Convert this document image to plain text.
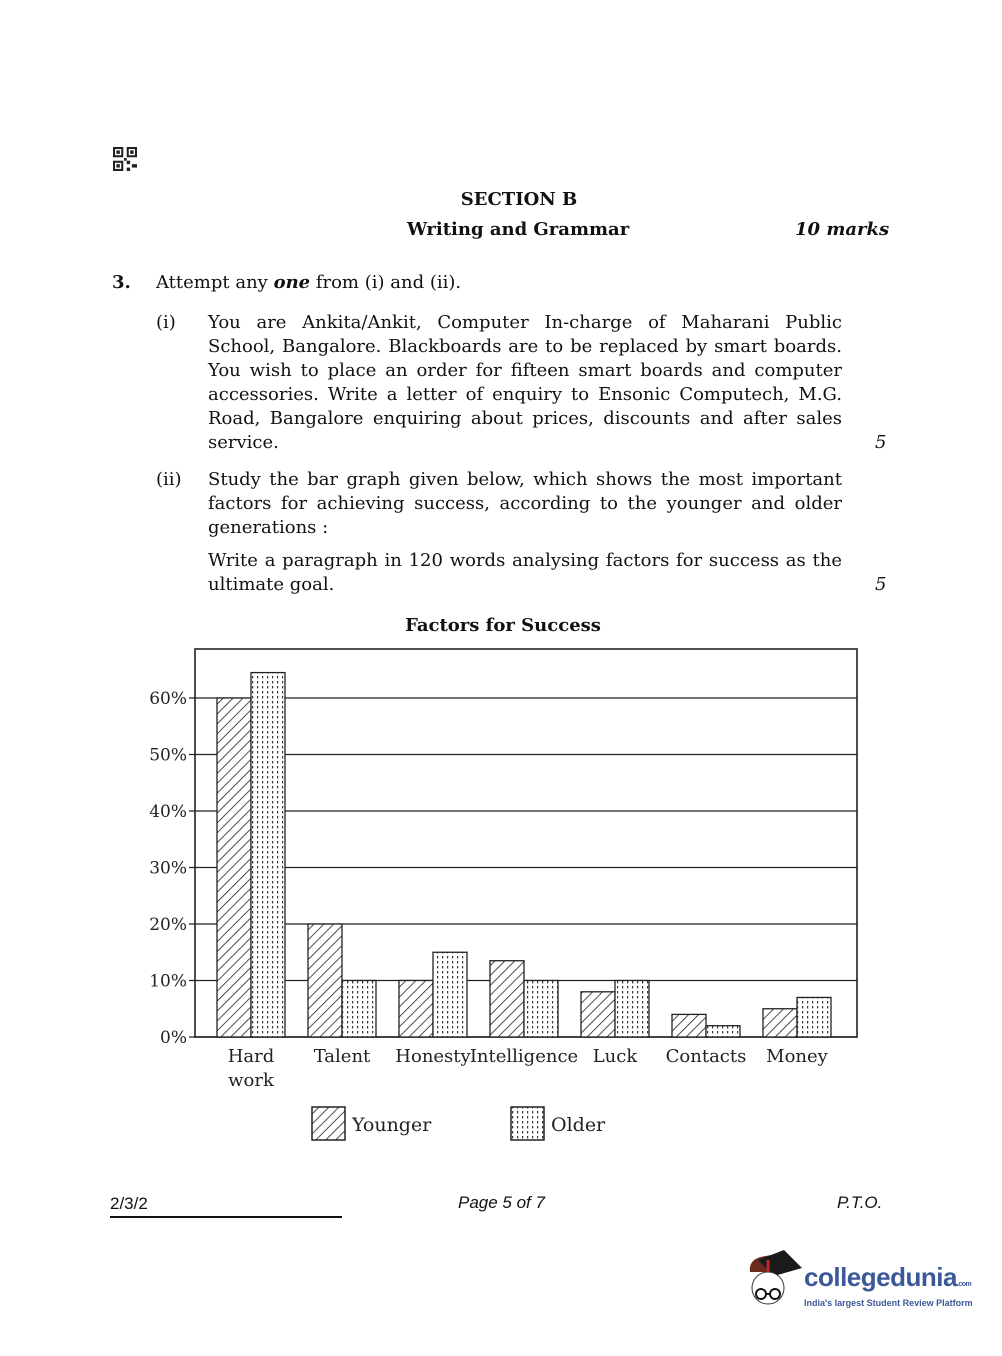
SECTION B
Writing and Grammar	10 marks
3. Attempt any one from (i) and (ii).
(i) You are Ankita/Ankit, Computer In-charge of Maharani Public School, Bangalore. Blackboards are to be replaced by smart boards. You wish to place an order for fifteen smart boards and computer accessories. Write a letter of enquiry to Ensonic Computech, M.G. Road, Bangalore enquiring about prices, discounts and after sales service.	5
(ii) Study the bar graph given below, which shows the most important factors for achieving success, according to the younger and older generations :
Write a paragraph in 120 words analysing factors for success as the ultimate goal.	5
Factors for Success
0%
10%
20%
30%
40%
50%
60%
Hard
work
Talent Honesty Intelligence Luck Contacts Money
Younger	Older
2/3/2	Page 5 of 7	P.T.O.
collegedunia.com
India's largest Student Review Platform
